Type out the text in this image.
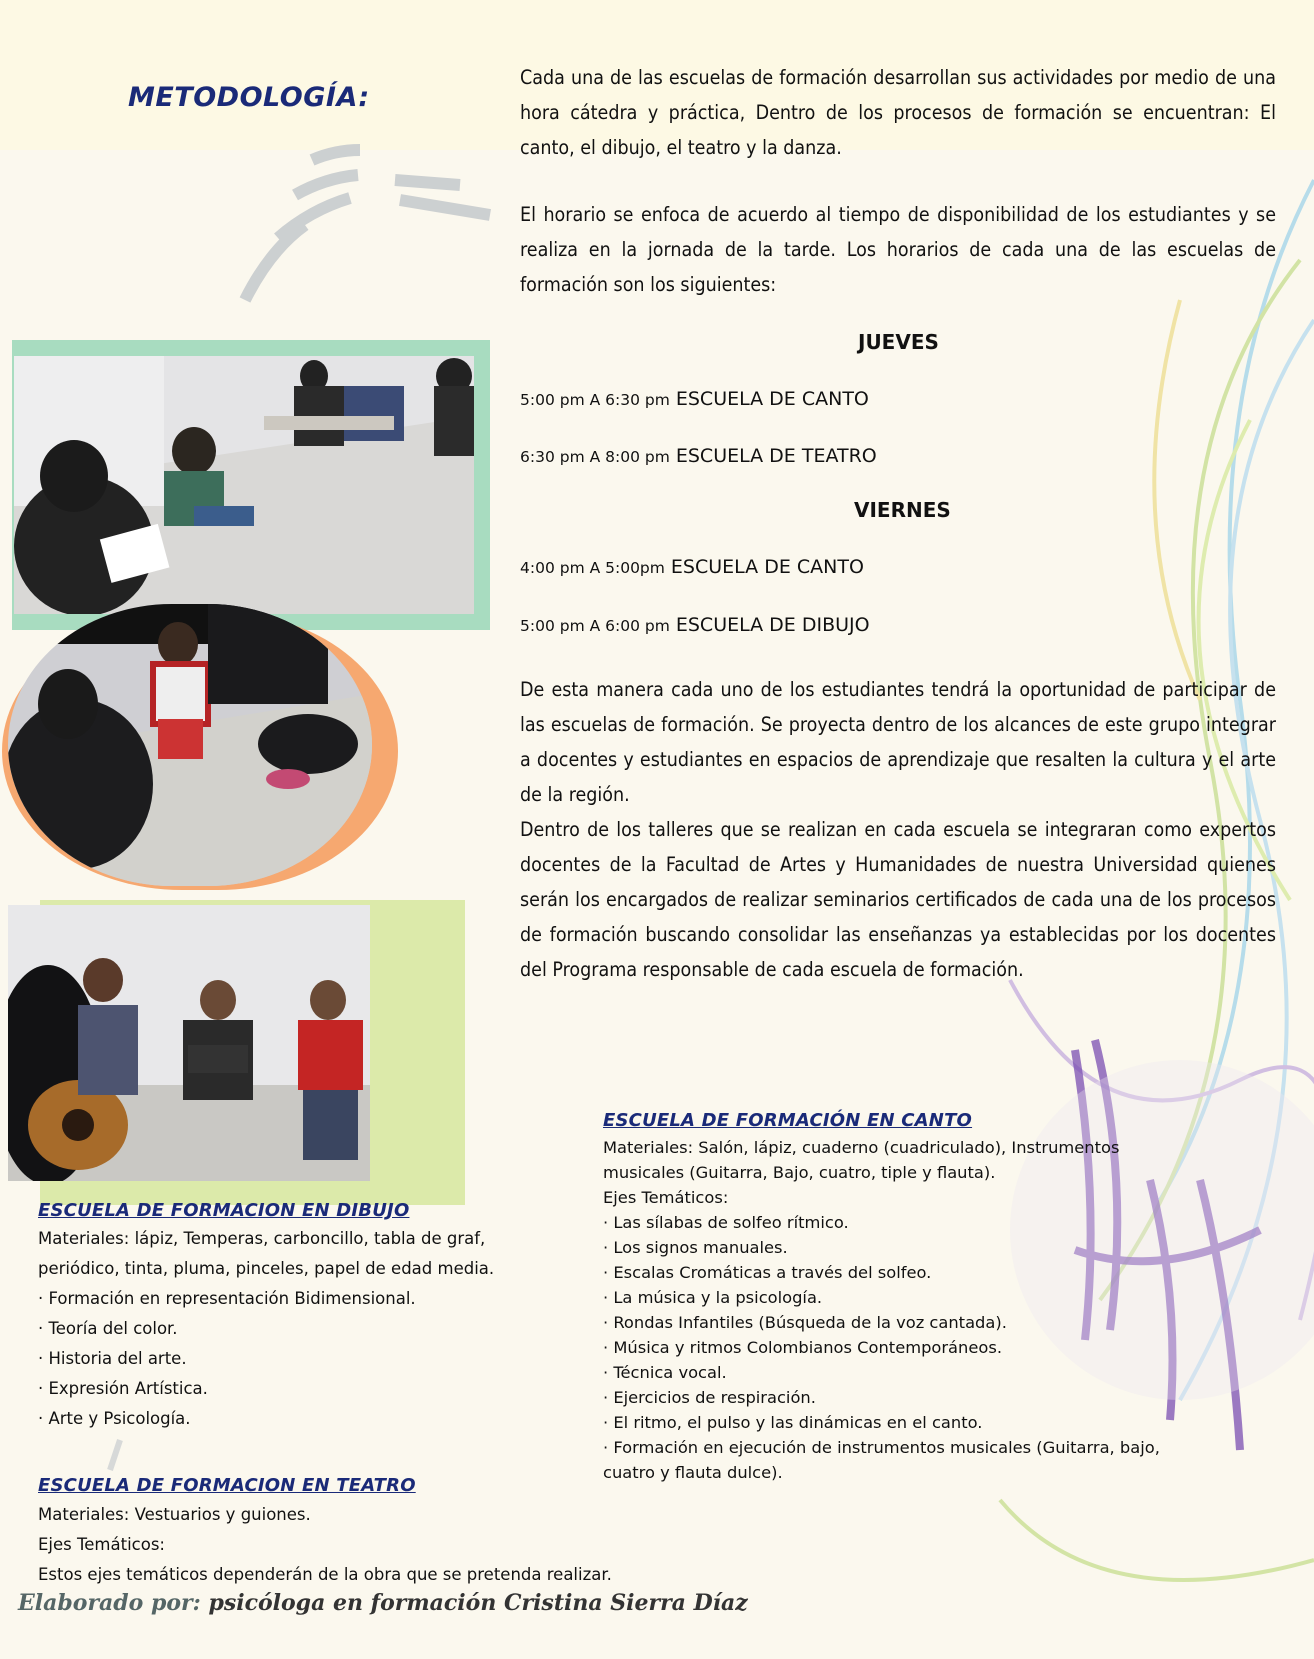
METODOLOGÍA:
Cada una de las escuelas de formación desarrollan sus actividades por medio de una hora cátedra y práctica, Dentro de los procesos de formación se encuentran: El canto, el dibujo, el teatro y la danza.
El horario se enfoca de acuerdo al tiempo de disponibilidad de los estudiantes y se realiza en la jornada de la tarde. Los horarios de cada una de las escuelas de formación son los siguientes:
JUEVES
5:00 pm A 6:30 pm ESCUELA DE CANTO
6:30 pm A 8:00 pm ESCUELA DE TEATRO
VIERNES
4:00 pm A 5:00pm ESCUELA DE CANTO
5:00 pm A 6:00 pm ESCUELA DE DIBUJO
De esta manera cada uno de los estudiantes tendrá la oportunidad de participar de las escuelas de formación. Se proyecta dentro de los alcances de este grupo integrar a docentes y estudiantes en espacios de aprendizaje que resalten la cultura y el arte de la región.
Dentro de los talleres que se realizan en cada escuela se integraran como expertos docentes de la Facultad de Artes y Humanidades de nuestra Universidad quienes serán los encargados de realizar seminarios certificados de cada una de los procesos de formación buscando consolidar las enseñanzas ya establecidas por los docentes del Programa responsable de cada escuela de formación.
ESCUELA DE FORMACION EN DIBUJO
Materiales: lápiz, Temperas, carboncillo, tabla de graf,
periódico, tinta, pluma, pinceles, papel de edad media.
· Formación en representación Bidimensional.
· Teoría del color.
· Historia del arte.
· Expresión Artística.
· Arte y Psicología.
ESCUELA DE FORMACION EN TEATRO
Materiales: Vestuarios y guiones.
Ejes Temáticos:
Estos ejes temáticos dependerán de la obra que se pretenda realizar.
ESCUELA DE FORMACIÓN EN CANTO
Materiales: Salón, lápiz, cuaderno (cuadriculado), Instrumentos
musicales (Guitarra, Bajo, cuatro, tiple y flauta).
Ejes Temáticos:
· Las sílabas de solfeo rítmico.
· Los signos manuales.
· Escalas Cromáticas a través del solfeo.
· La música y la psicología.
· Rondas Infantiles (Búsqueda de la voz cantada).
· Música y ritmos Colombianos Contemporáneos.
· Técnica vocal.
· Ejercicios de respiración.
· El ritmo, el pulso y las dinámicas en el canto.
· Formación en ejecución de instrumentos musicales (Guitarra, bajo,
cuatro y flauta dulce).
Elaborado por: psicóloga en formación Cristina Sierra Díaz
